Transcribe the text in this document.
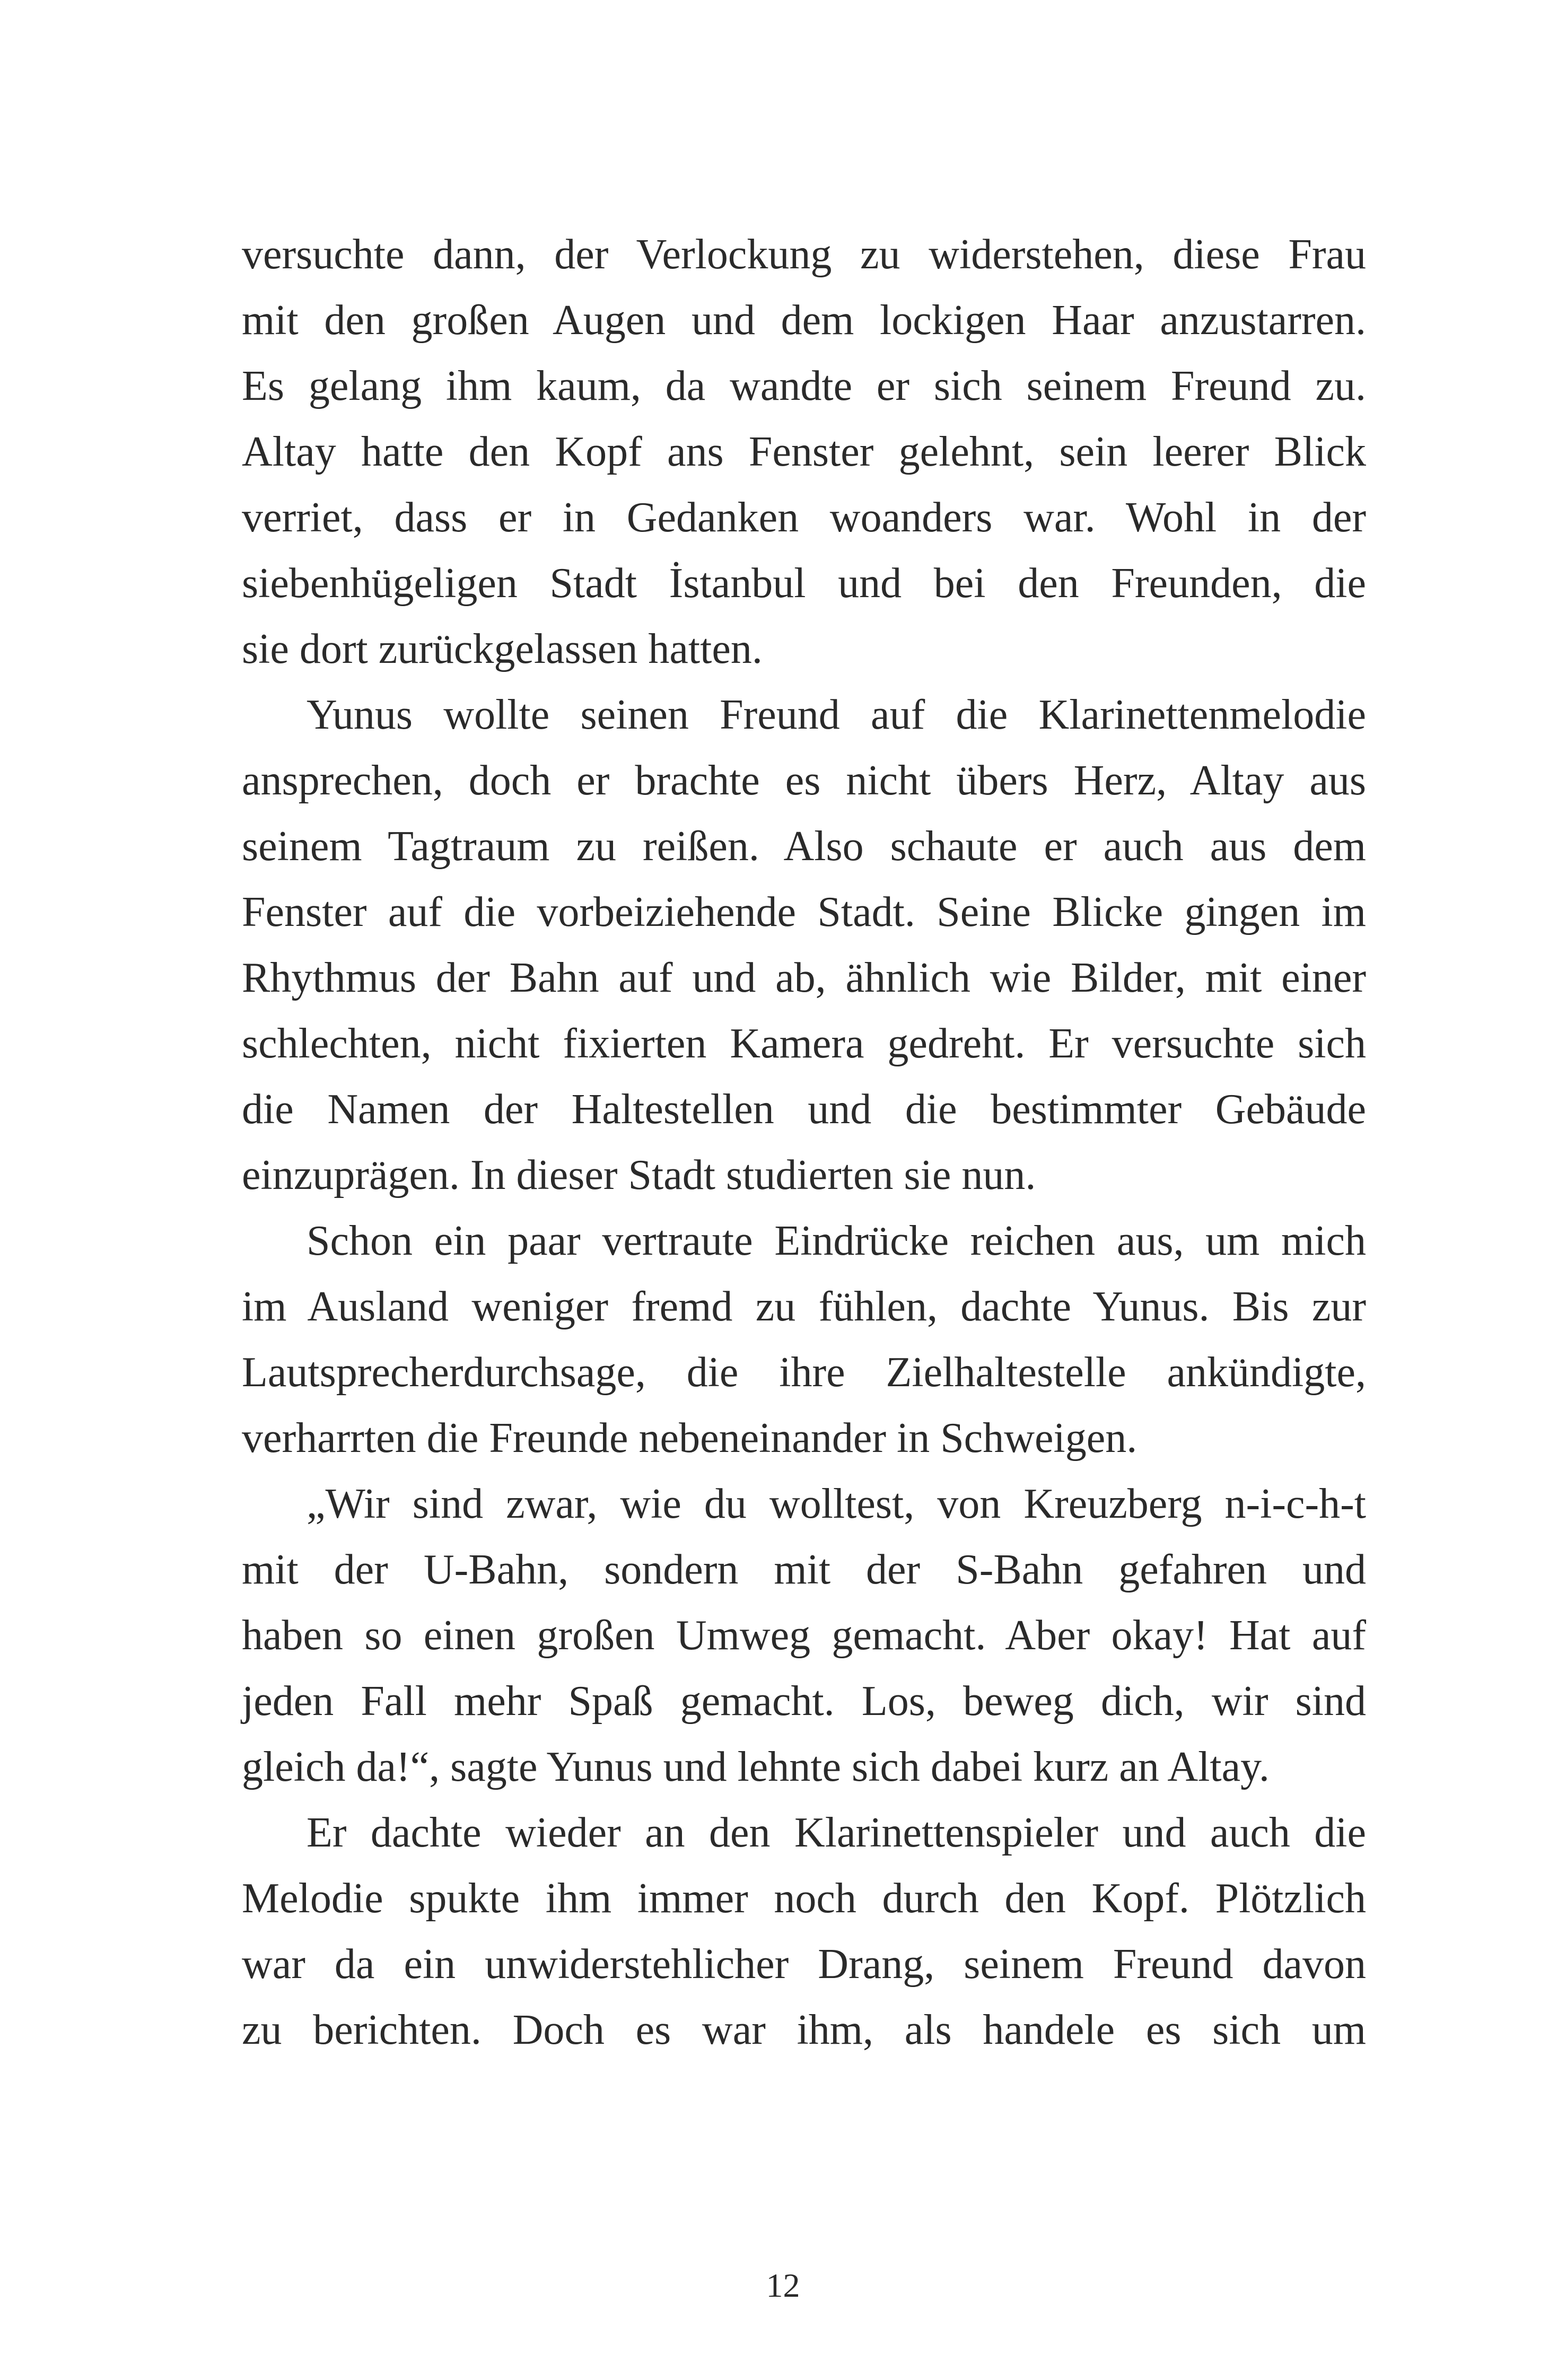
versuchte dann, der Verlockung zu widerstehen, diese Frau
mit den großen Augen und dem lockigen Haar anzustarren.
Es gelang ihm kaum, da wandte er sich seinem Freund zu.
Altay hatte den Kopf ans Fenster gelehnt, sein leerer Blick
verriet, dass er in Gedanken woanders war. Wohl in der
siebenhügeligen Stadt İstanbul und bei den Freunden, die
sie dort zurückgelassen hatten.
Yunus wollte seinen Freund auf die Klarinettenmelodie
ansprechen, doch er brachte es nicht übers Herz, Altay aus
seinem Tagtraum zu reißen. Also schaute er auch aus dem
Fenster auf die vorbeiziehende Stadt. Seine Blicke gingen im
Rhythmus der Bahn auf und ab, ähnlich wie Bilder, mit einer
schlechten, nicht fixierten Kamera gedreht. Er versuchte sich
die Namen der Haltestellen und die bestimmter Gebäude
einzuprägen. In dieser Stadt studierten sie nun.
Schon ein paar vertraute Eindrücke reichen aus, um mich
im Ausland weniger fremd zu fühlen, dachte Yunus. Bis zur
Lautsprecherdurchsage, die ihre Zielhaltestelle ankündigte,
verharrten die Freunde nebeneinander in Schweigen.
„Wir sind zwar, wie du wolltest, von Kreuzberg n-i-c-h-t
mit der U-Bahn, sondern mit der S-Bahn gefahren und
haben so einen großen Umweg gemacht. Aber okay! Hat auf
jeden Fall mehr Spaß gemacht. Los, beweg dich, wir sind
gleich da!“, sagte Yunus und lehnte sich dabei kurz an Altay.
Er dachte wieder an den Klarinettenspieler und auch die
Melodie spukte ihm immer noch durch den Kopf. Plötzlich
war da ein unwiderstehlicher Drang, seinem Freund davon
zu berichten. Doch es war ihm, als handele es sich um
12
